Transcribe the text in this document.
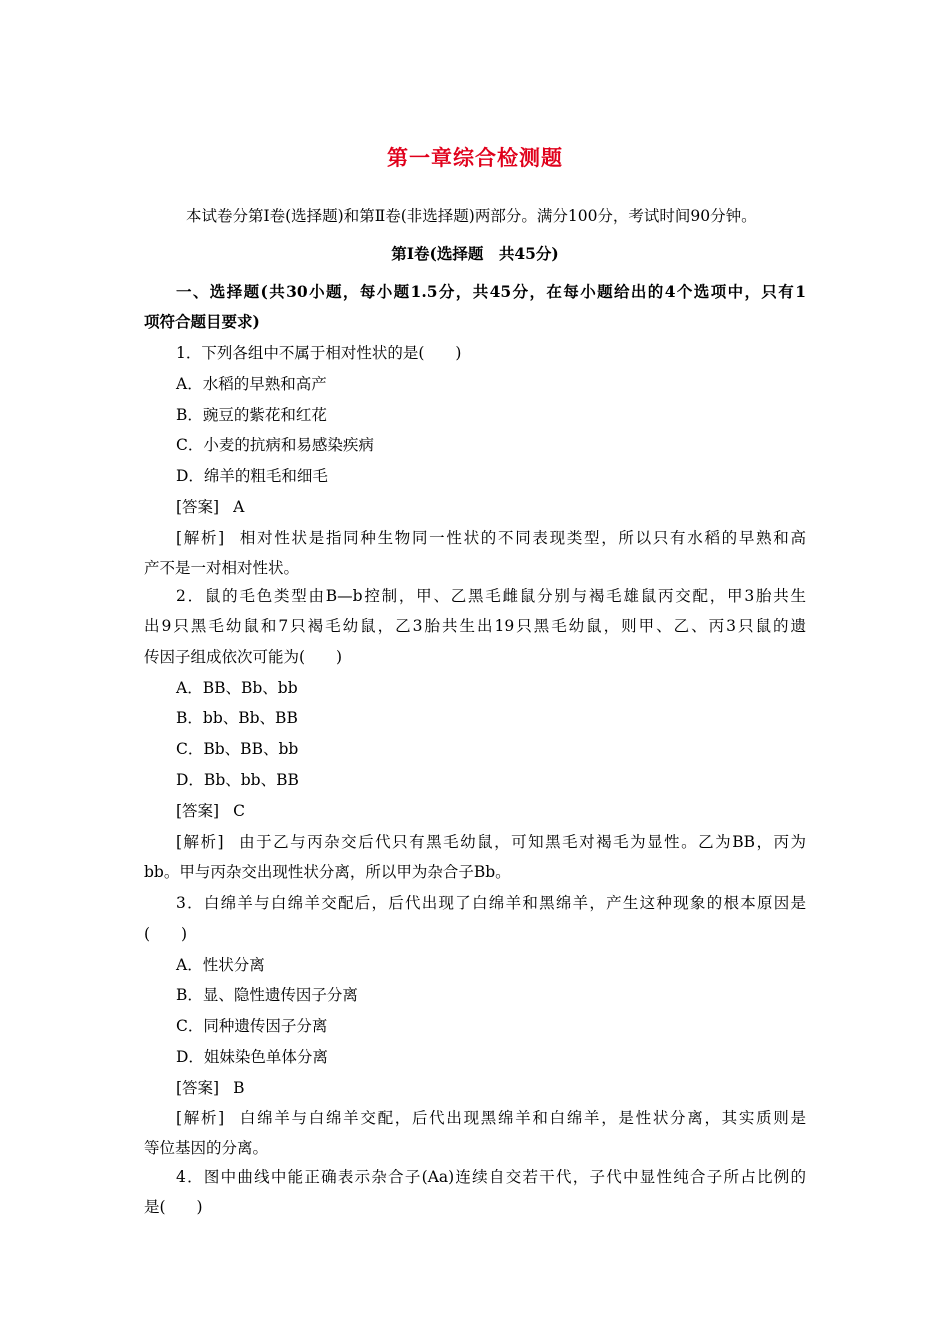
第一章综合检测题
本试卷分第Ⅰ卷(选择题)和第Ⅱ卷(非选择题)两部分。满分100分，考试时间90分钟。
第Ⅰ卷(选择题　共45分)
一、选择题(共30小题，每小题1.5分，共45分，在每小题给出的4个选项中，只有1
项符合题目要求)
1．下列各组中不属于相对性状的是(　　)
A．水稻的早熟和高产
B．豌豆的紫花和红花
C．小麦的抗病和易感染疾病
D．绵羊的粗毛和细毛
[答案] A
[解析] 相对性状是指同种生物同一性状的不同表现类型，所以只有水稻的早熟和高
产不是一对相对性状。
2．鼠的毛色类型由B—b控制，甲、乙黑毛雌鼠分别与褐毛雄鼠丙交配，甲3胎共生
出9只黑毛幼鼠和7只褐毛幼鼠，乙3胎共生出19只黑毛幼鼠，则甲、乙、丙3只鼠的遗
传因子组成依次可能为(　　)
A．BB、Bb、bb
B．bb、Bb、BB
C．Bb、BB、bb
D．Bb、bb、BB
[答案] C
[解析] 由于乙与丙杂交后代只有黑毛幼鼠，可知黑毛对褐毛为显性。乙为BB，丙为
bb。甲与丙杂交出现性状分离，所以甲为杂合子Bb。
3．白绵羊与白绵羊交配后，后代出现了白绵羊和黑绵羊，产生这种现象的根本原因是
(　　)
A．性状分离
B．显、隐性遗传因子分离
C．同种遗传因子分离
D．姐妹染色单体分离
[答案] B
[解析] 白绵羊与白绵羊交配，后代出现黑绵羊和白绵羊，是性状分离，其实质则是
等位基因的分离。
4．图中曲线中能正确表示杂合子(Aa)连续自交若干代，子代中显性纯合子所占比例的
是(　　)
